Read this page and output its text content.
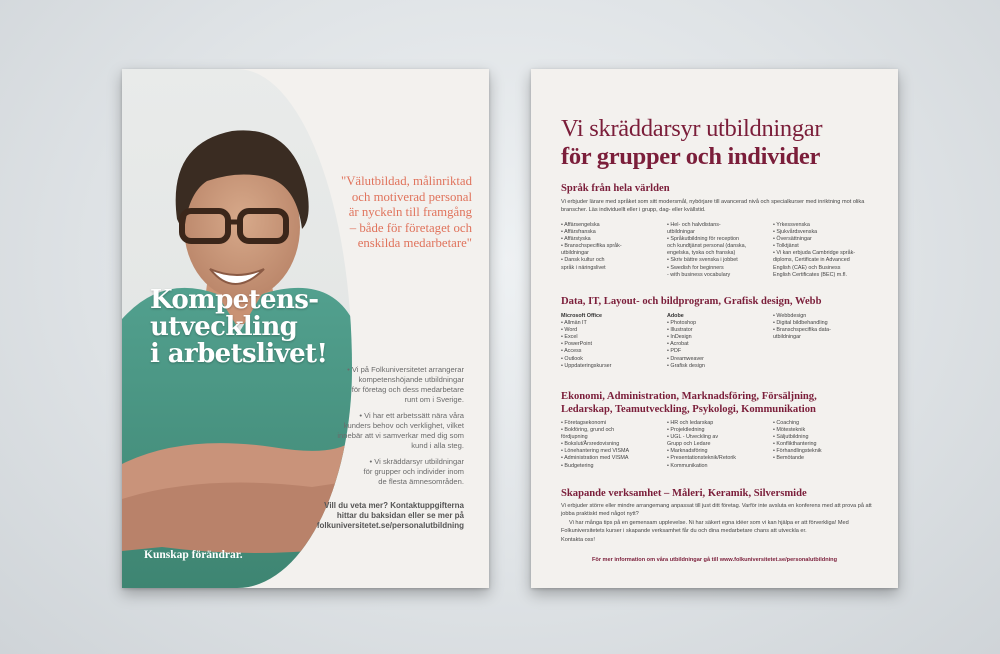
"Välutbildad, målinriktad
och motiverad personal
är nyckeln till framgång
– både för företaget och
enskilda medarbetare"
Kompetens-
utveckling
i arbetslivet!

• Vi på Folkuniversitetet arrangerar
kompetenshöjande utbildningar
för företag och dess medarbetare
runt om i Sverige.

• Vi har ett arbetssätt nära våra
kunders behov och verklighet, vilket
innebär att vi samverkar med dig som
kund i alla steg.

• Vi skräddarsyr utbildningar
för grupper och individer inom
de flesta ämnesområden.

Vill du veta mer? Kontaktuppgifterna
hittar du baksidan eller se mer på
folkuniversitetet.se/personalutbildning
Kunskap förändrar.
Vi skräddarsyr utbildningar
för grupper och individer
Språk från hela världen
Vi erbjuder lärare med språket som sitt modersmål, nybörjare till avancerad nivå och specialkurser med inriktning mot olika branscher. Läs individuellt eller i grupp, dag- eller kvällstid.
• Affärsengelska
• Affärsfranska
• Affärstyska
• Branschspecifika språk-
utbildningar
• Dansk kultur och
språk i näringslivet
• Hel- och halvdistans-
utbildningar
• Språkutbildning för reception
och kundtjänst personal (danska,
engelska, tyska och franska)
• Skriv bättre svenska i jobbet
• Swedish for beginners
- with business vocabulary
• Yrkessvenska
• Sjukvårdsvenska
• Översättningar
• Tolktjänst
• Vi kan erbjuda Cambridge språk-
diploms, Certificate in Advanced
English (CAE) och Business
English Certificates (BEC) m.fl.
Data, IT, Layout- och bildprogram, Grafisk design, Webb
Microsoft Office
• Allmän IT
• Word
• Excel
• PowerPoint
• Access
• Outlook
• Uppdateringskurser
Adobe
• Photoshop
• Illustrator
• InDesign
• Acrobat
• PDF
• Dreamweaver
• Grafisk design
• Webbdesign
• Digital bildbehandling
• Branschspecifika data-
utbildningar
Ekonomi, Administration, Marknadsföring, Försäljning,
Ledarskap, Teamutveckling, Psykologi, Kommunikation
• Företagsekonomi
• Bokföring, grund och
fördjupning
• Bokslut/Årsredovisning
• Lönehantering med VISMA
• Administration med VISMA
• Budgetering
• HR och ledarskap
• Projektledning
• UGL - Utveckling av
Grupp och Ledare
• Marknadsföring
• Presentationsteknik/Retorik
• Kommunikation
• Coaching
• Mötesteknik
• Säljutbildning
• Konflikthantering
• Förhandlingsteknik
• Bemötande
Skapande verksamhet – Måleri, Keramik, Silversmide
Vi erbjuder större eller mindre arrangemang anpassat till just ditt företag. Varför inte avsluta en konferens med att prova på att jobba praktiskt med något nytt?
Vi har många tips på en gemensam upplevelse. Ni har säkert egna idéer som vi kan hjälpa er att förverkliga! Med Folkuniversitetets kurser i skapande verksamhet får du och dina medarbetare chans att utveckla er.
Kontakta oss!
För mer information om våra utbildningar gå till www.folkuniversitetet.se/personalutbildning
